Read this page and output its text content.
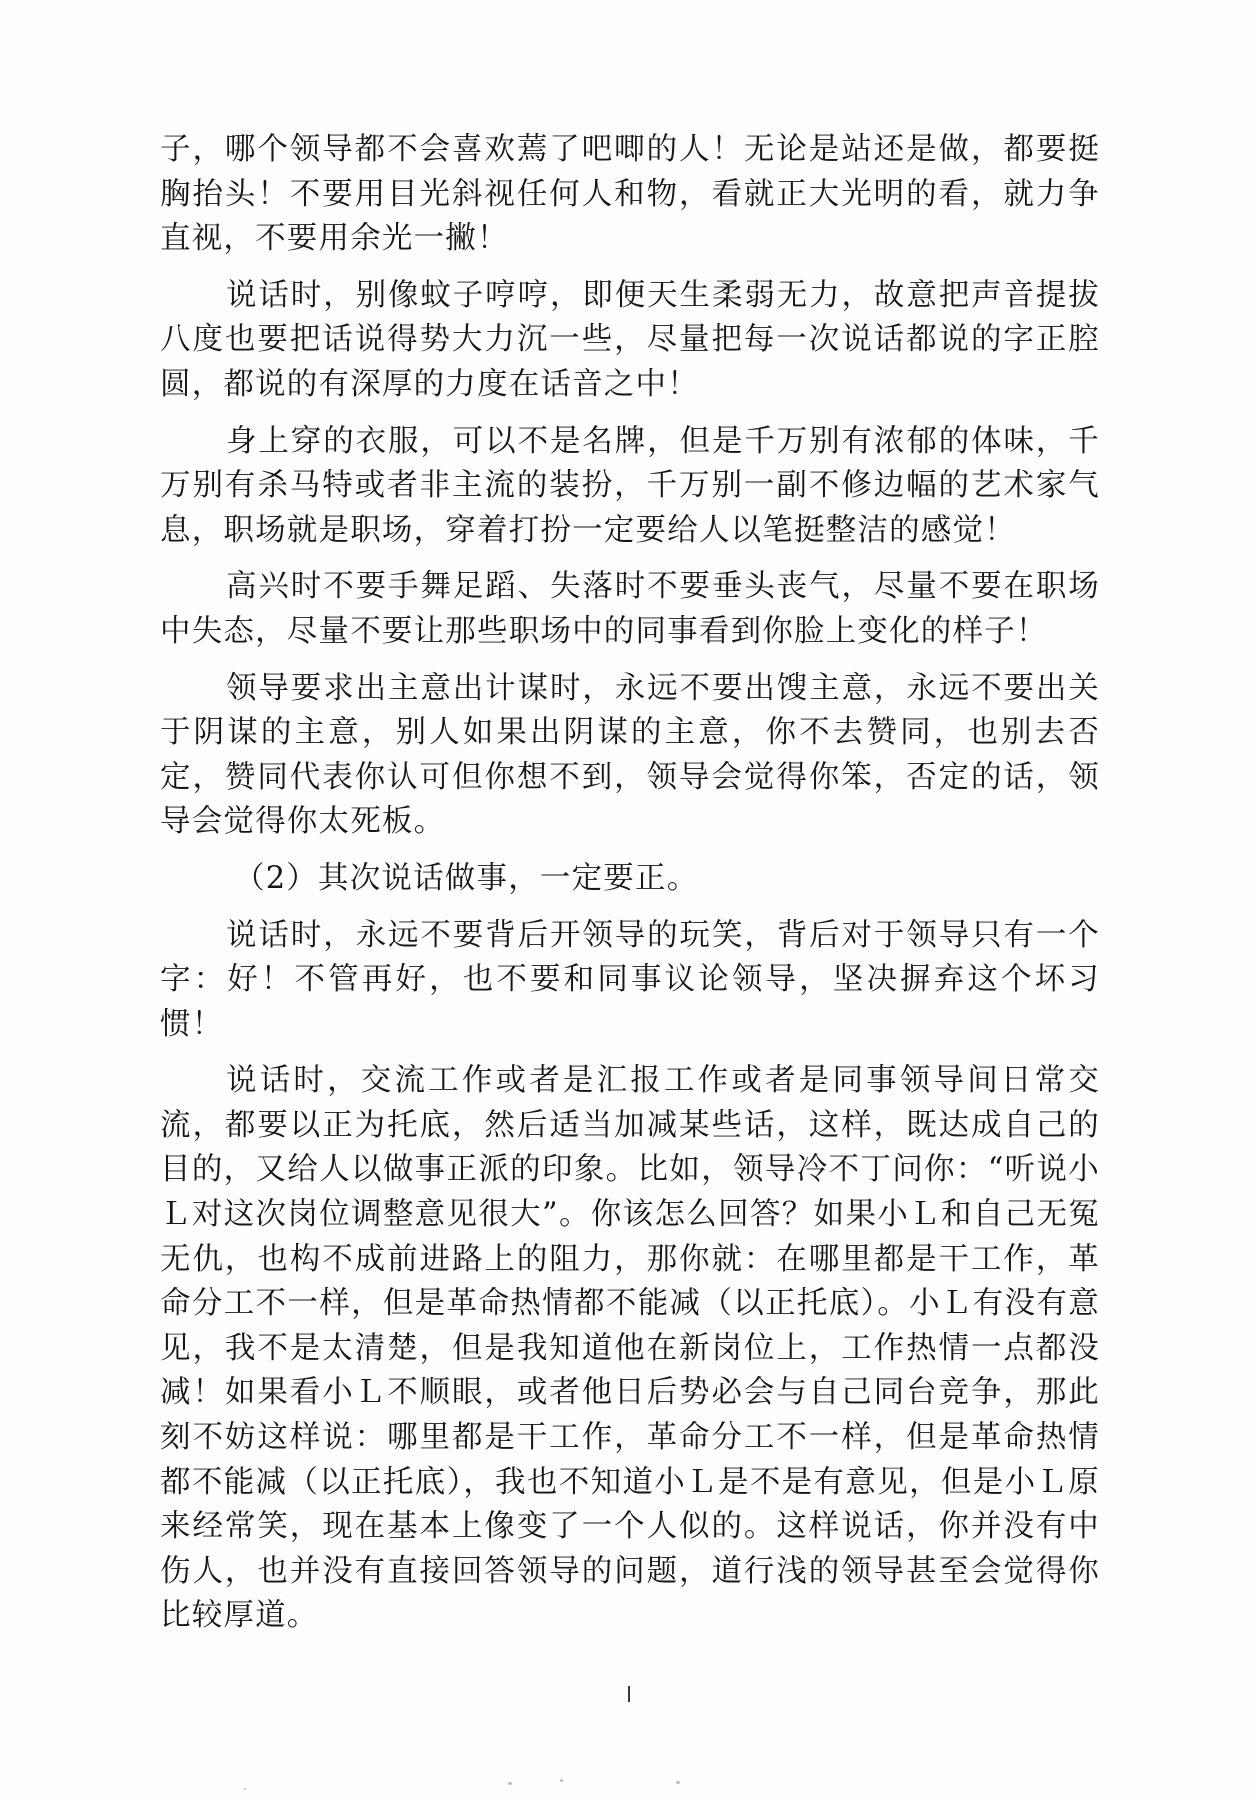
子，哪个领导都不会喜欢蔫了吧唧的人！无论是站还是做，都要挺胸抬头！不要用目光斜视任何人和物，看就正大光明的看，就力争直视，不要用余光一撇！

说话时，别像蚊子哼哼，即便天生柔弱无力，故意把声音提拔八度也要把话说得势大力沉一些，尽量把每一次说话都说的字正腔圆，都说的有深厚的力度在话音之中！

身上穿的衣服，可以不是名牌，但是千万别有浓郁的体味，千万别有杀马特或者非主流的装扮，千万别一副不修边幅的艺术家气息，职场就是职场，穿着打扮一定要给人以笔挺整洁的感觉！

高兴时不要手舞足蹈、失落时不要垂头丧气，尽量不要在职场中失态，尽量不要让那些职场中的同事看到你脸上变化的样子！

领导要求出主意出计谋时，永远不要出馊主意，永远不要出关于阴谋的主意，别人如果出阴谋的主意，你不去赞同，也别去否定，赞同代表你认可但你想不到，领导会觉得你笨，否定的话，领导会觉得你太死板。

（2）其次说话做事，一定要正。

说话时，永远不要背后开领导的玩笑，背后对于领导只有一个字：好！不管再好，也不要和同事议论领导，坚决摒弃这个坏习惯！

说话时，交流工作或者是汇报工作或者是同事领导间日常交流，都要以正为托底，然后适当加减某些话，这样，既达成自己的目的，又给人以做事正派的印象。比如，领导冷不丁问你：“听说小Ｌ对这次岗位调整意见很大”。你该怎么回答？如果小Ｌ和自己无冤无仇，也构不成前进路上的阻力，那你就：在哪里都是干工作，革命分工不一样，但是革命热情都不能减（以正托底）。小Ｌ有没有意见，我不是太清楚，但是我知道他在新岗位上，工作热情一点都没减！如果看小Ｌ不顺眼，或者他日后势必会与自己同台竞争，那此刻不妨这样说：哪里都是干工作，革命分工不一样，但是革命热情都不能减（以正托底），我也不知道小Ｌ是不是有意见，但是小Ｌ原来经常笑，现在基本上像变了一个人似的。这样说话，你并没有中伤人，也并没有直接回答领导的问题，道行浅的领导甚至会觉得你比较厚道。
